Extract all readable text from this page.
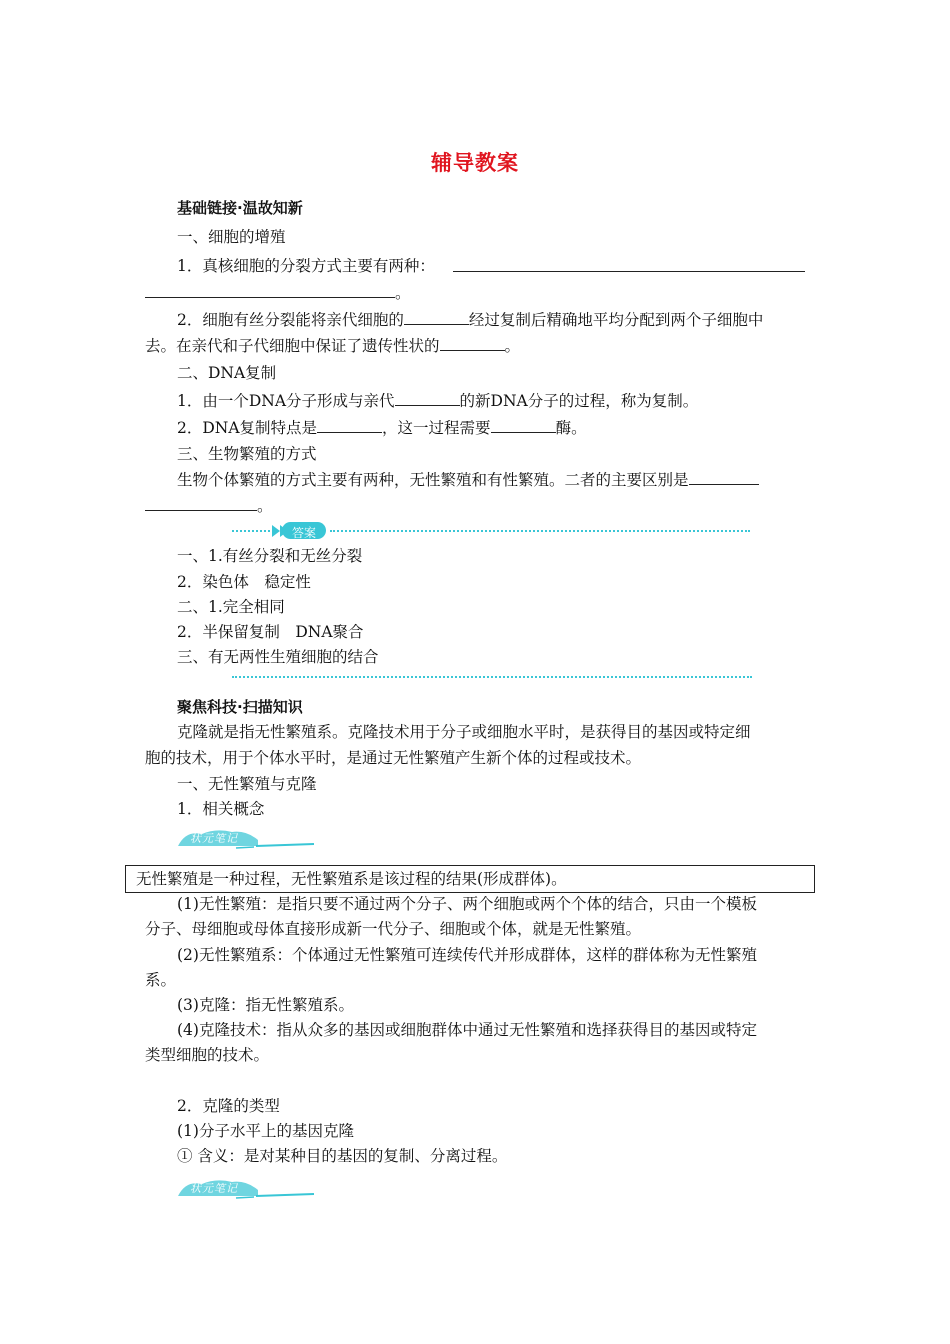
辅导教案
基础链接·温故知新
一、细胞的增殖
1．真核细胞的分裂方式主要有两种：
。
2．细胞有丝分裂能将亲代细胞的	经过复制后精确地平均分配到两个子细胞中
去。在亲代和子代细胞中保证了遗传性状的	。
二、DNA复制
1．由一个DNA分子形成与亲代	的新DNA分子的过程，称为复制。
2．DNA复制特点是	，这一过程需要	酶。
三、生物繁殖的方式
生物个体繁殖的方式主要有两种，无性繁殖和有性繁殖。二者的主要区别是
。
答案
一、1.有丝分裂和无丝分裂
2．染色体　稳定性
二、1.完全相同
2．半保留复制　DNA聚合
三、有无两性生殖细胞的结合
聚焦科技·扫描知识
克隆就是指无性繁殖系。克隆技术用于分子或细胞水平时，是获得目的基因或特定细
胞的技术，用于个体水平时，是通过无性繁殖产生新个体的过程或技术。
一、无性繁殖与克隆
1．相关概念
状元笔记
无性繁殖是一种过程，无性繁殖系是该过程的结果(形成群体)。
(1)无性繁殖：是指只要不通过两个分子、两个细胞或两个个体的结合，只由一个模板
分子、母细胞或母体直接形成新一代分子、细胞或个体，就是无性繁殖。
(2)无性繁殖系：个体通过无性繁殖可连续传代并形成群体，这样的群体称为无性繁殖
系。
(3)克隆：指无性繁殖系。
(4)克隆技术：指从众多的基因或细胞群体中通过无性繁殖和选择获得目的基因或特定
类型细胞的技术。
2．克隆的类型
(1)分子水平上的基因克隆
① 含义：是对某种目的基因的复制、分离过程。
状元笔记
